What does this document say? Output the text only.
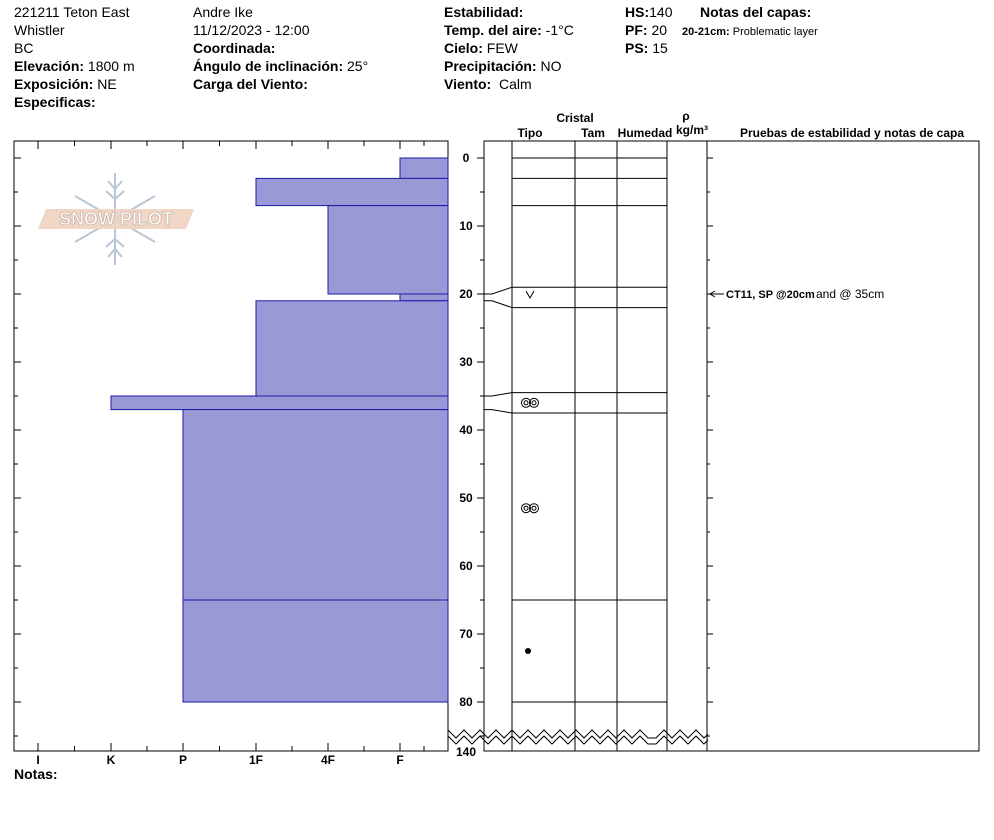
221211 Teton East
Whistler
BC
Elevación: 1800 m
Exposición: NE
Especificas:
Andre Ike
11/12/2023 - 12:00
Coordinada:
Ángulo de inclinación: 25°
Carga del Viento:
Estabilidad:
Temp. del aire: -1°C
Cielo: FEW
Precipitación: NO
Viento: Calm
HS:140
PF: 20
PS: 15
Notas del capas:
20-21cm: Problematic layer
SNOW PILOT
I	K	P	1F	4F	F
0
10
20
30
40
50
60
70
80
140
Cristal
Tipo	Tam Humedad
ρ
kg/m³	Pruebas de estabilidad y notas de capa
CT11, SP @20cm and @ 35cm
Notas:
